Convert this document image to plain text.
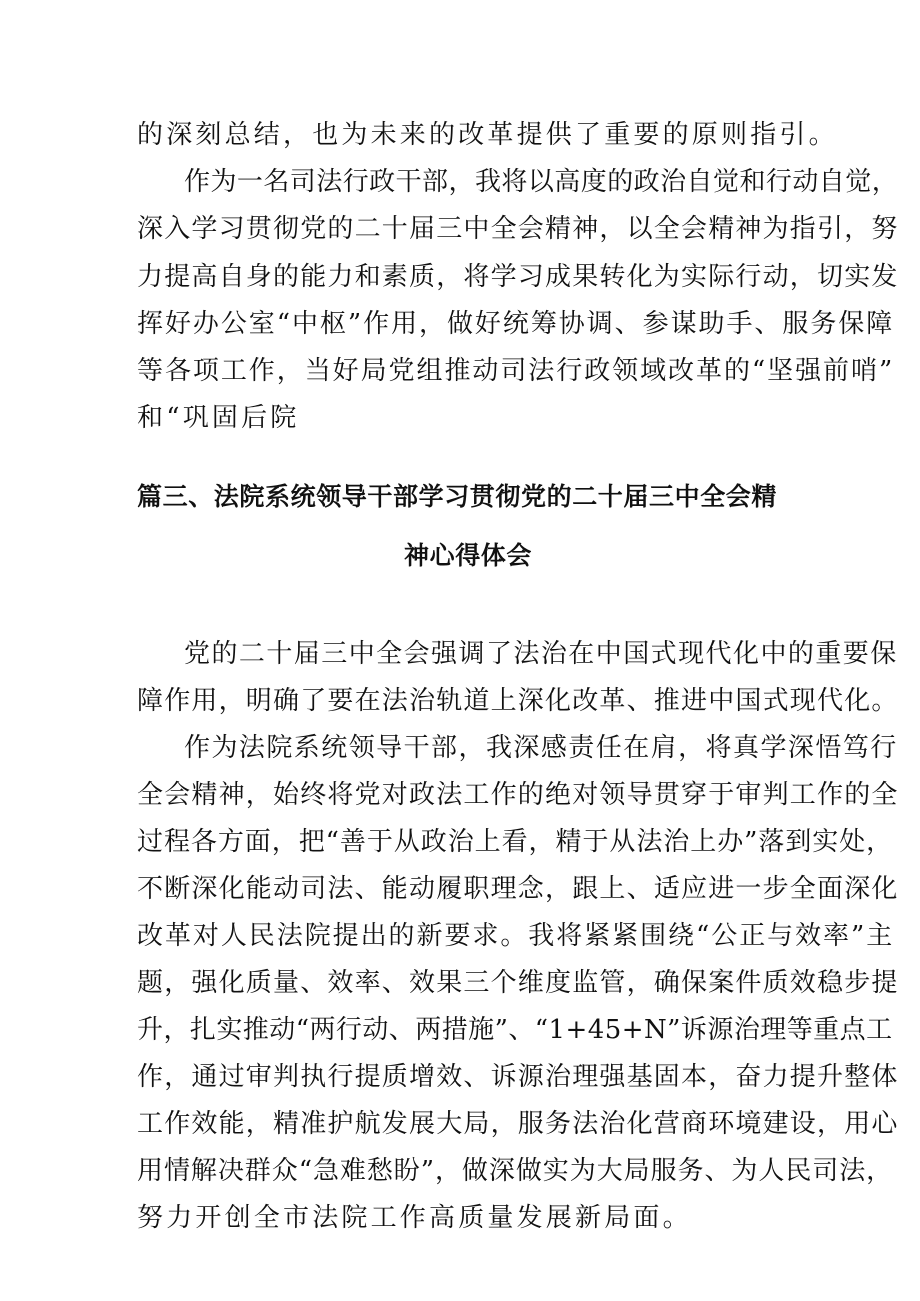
的深刻总结，也为未来的改革提供了重要的原则指引。

作为一名司法行政干部，我将以高度的政治自觉和行动自觉，

深入学习贯彻党的二十届三中全会精神，以全会精神为指引，努

力提高自身的能力和素质，将学习成果转化为实际行动，切实发

挥好办公室“中枢”作用，做好统筹协调、参谋助手、服务保障

等各项工作，当好局党组推动司法行政领域改革的“坚强前哨”

和“巩固后院

篇三、法院系统领导干部学习贯彻党的二十届三中全会精
神心得体会

党的二十届三中全会强调了法治在中国式现代化中的重要保

障作用，明确了要在法治轨道上深化改革、推进中国式现代化。

作为法院系统领导干部，我深感责任在肩，将真学深悟笃行

全会精神，始终将党对政法工作的绝对领导贯穿于审判工作的全

过程各方面，把“善于从政治上看，精于从法治上办”落到实处，

不断深化能动司法、能动履职理念，跟上、适应进一步全面深化

改革对人民法院提出的新要求。我将紧紧围绕“公正与效率”主

题，强化质量、效率、效果三个维度监管，确保案件质效稳步提

升，扎实推动“两行动、两措施”、“1+45+N”诉源治理等重点工

作，通过审判执行提质增效、诉源治理强基固本，奋力提升整体

工作效能，精准护航发展大局，服务法治化营商环境建设，用心

用情解决群众“急难愁盼”，做深做实为大局服务、为人民司法，

努力开创全市法院工作高质量发展新局面。
